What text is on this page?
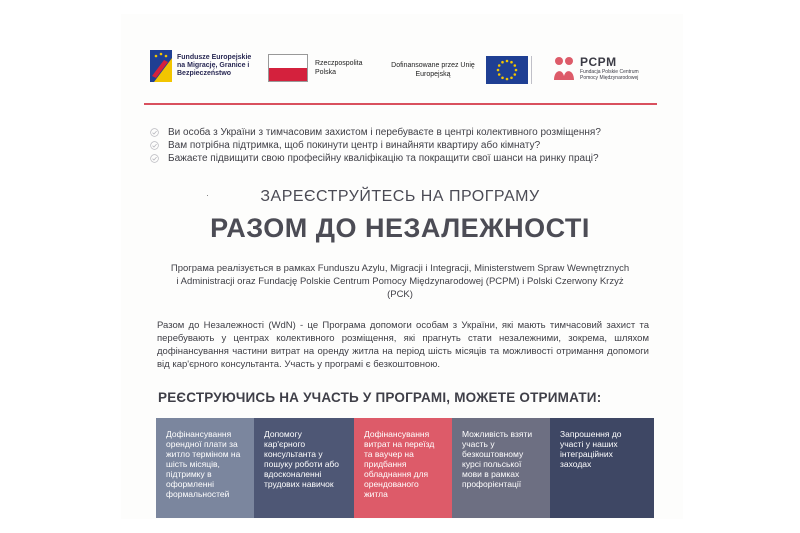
Fundusze Europejskie na Migrację, Granice i Bezpieczeństwo
Rzeczpospolita Polska
Dofinansowane przez Unię Europejską
PCPM
Fundacja Polskie Centrum Pomocy Międzynarodowej
Ви особа з України з тимчасовим захистом і перебуваєте в центрі колективного розміщення?
Вам потрібна підтримка, щоб покинути центр і винайняти квартиру або кімнату?
Бажаєте підвищити свою професійну кваліфікацію та покращити свої шанси на ринку праці?
ЗАРЕЄСТРУЙТЕСЬ НА ПРОГРАМУ
РАЗОМ ДО НЕЗАЛЕЖНОСТІ
Програма реалізується в рамках Funduszu Azylu, Migracji i Integracji, Ministerstwem Spraw Wewnętrznych i Administracji oraz Fundację Polskie Centrum Pomocy Międzynarodowej (PCPM) i Polski Czerwony Krzyż (PCK)
Разом до Незалежності (WdN) - це Програма допомоги особам з України, які мають тимчасовий захист та перебувають у центрах колективного розміщення, які прагнуть стати незалежними, зокрема, шляхом дофінансування частини витрат на оренду житла на період шість місяців та можливості отримання допомоги від кар'єрного консультанта. Участь у програмі є безкоштовною.
РЕЄСТРУЮЧИСЬ НА УЧАСТЬ У ПРОГРАМІ, МОЖЕТЕ ОТРИМАТИ:
Дофінансування орендної плати за житло терміном на шість місяців, підтримку в оформленні формальностей
Допомогу кар'єрного консультанта у пошуку роботи або вдосконаленні трудових навичок
Дофінансування витрат на переїзд та ваучер на придбання обладнання для орендованого житла
Можливість взяти участь у безкоштовному курсі польської мови в рамках профорієнтації
Запрошення до участі у наших інтеграційних заходах
